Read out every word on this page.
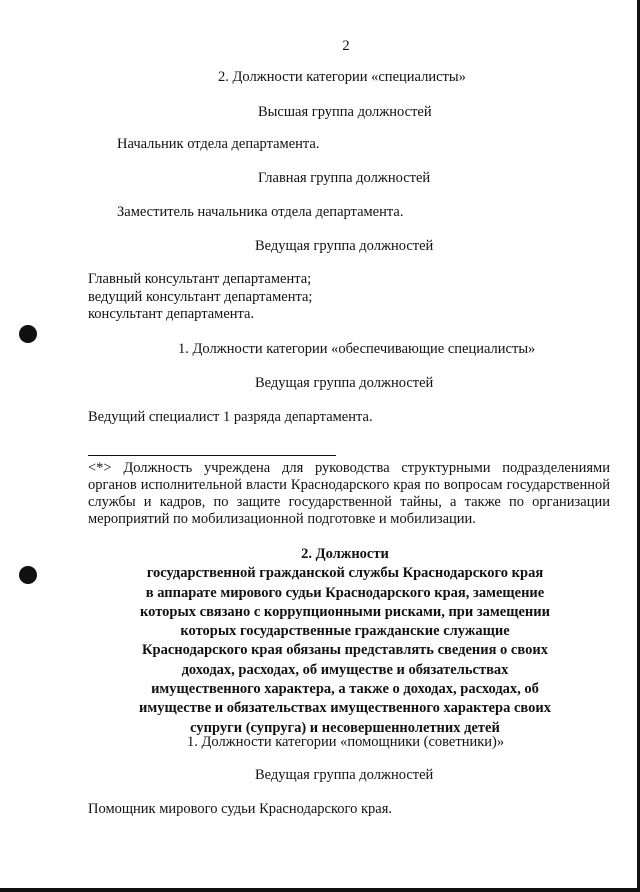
2
2. Должности категории «специалисты»
Высшая группа должностей
Начальник отдела департамента.
Главная группа должностей
Заместитель начальника отдела департамента.
Ведущая группа должностей
Главный консультант департамента;
ведущий консультант департамента;
консультант департамента.
1. Должности категории «обеспечивающие специалисты»
Ведущая группа должностей
Ведущий специалист 1 разряда департамента.
<*> Должность учреждена для руководства структурными подразделениями органов исполнительной власти Краснодарского края по вопросам государственной службы и кадров, по защите государственной тайны, а также по организации мероприятий по мобилизационной подготовке и мобилизации.
2. Должности
государственной гражданской службы Краснодарского края
в аппарате мирового судьи Краснодарского края, замещение
которых связано с коррупционными рисками, при замещении
которых государственные гражданские служащие
Краснодарского края обязаны представлять сведения о своих
доходах, расходах, об имуществе и обязательствах
имущественного характера, а также о доходах, расходах, об
имуществе и обязательствах имущественного характера своих
супруги (супруга) и несовершеннолетних детей
1. Должности категории «помощники (советники)»
Ведущая группа должностей
Помощник мирового судьи Краснодарского края.
